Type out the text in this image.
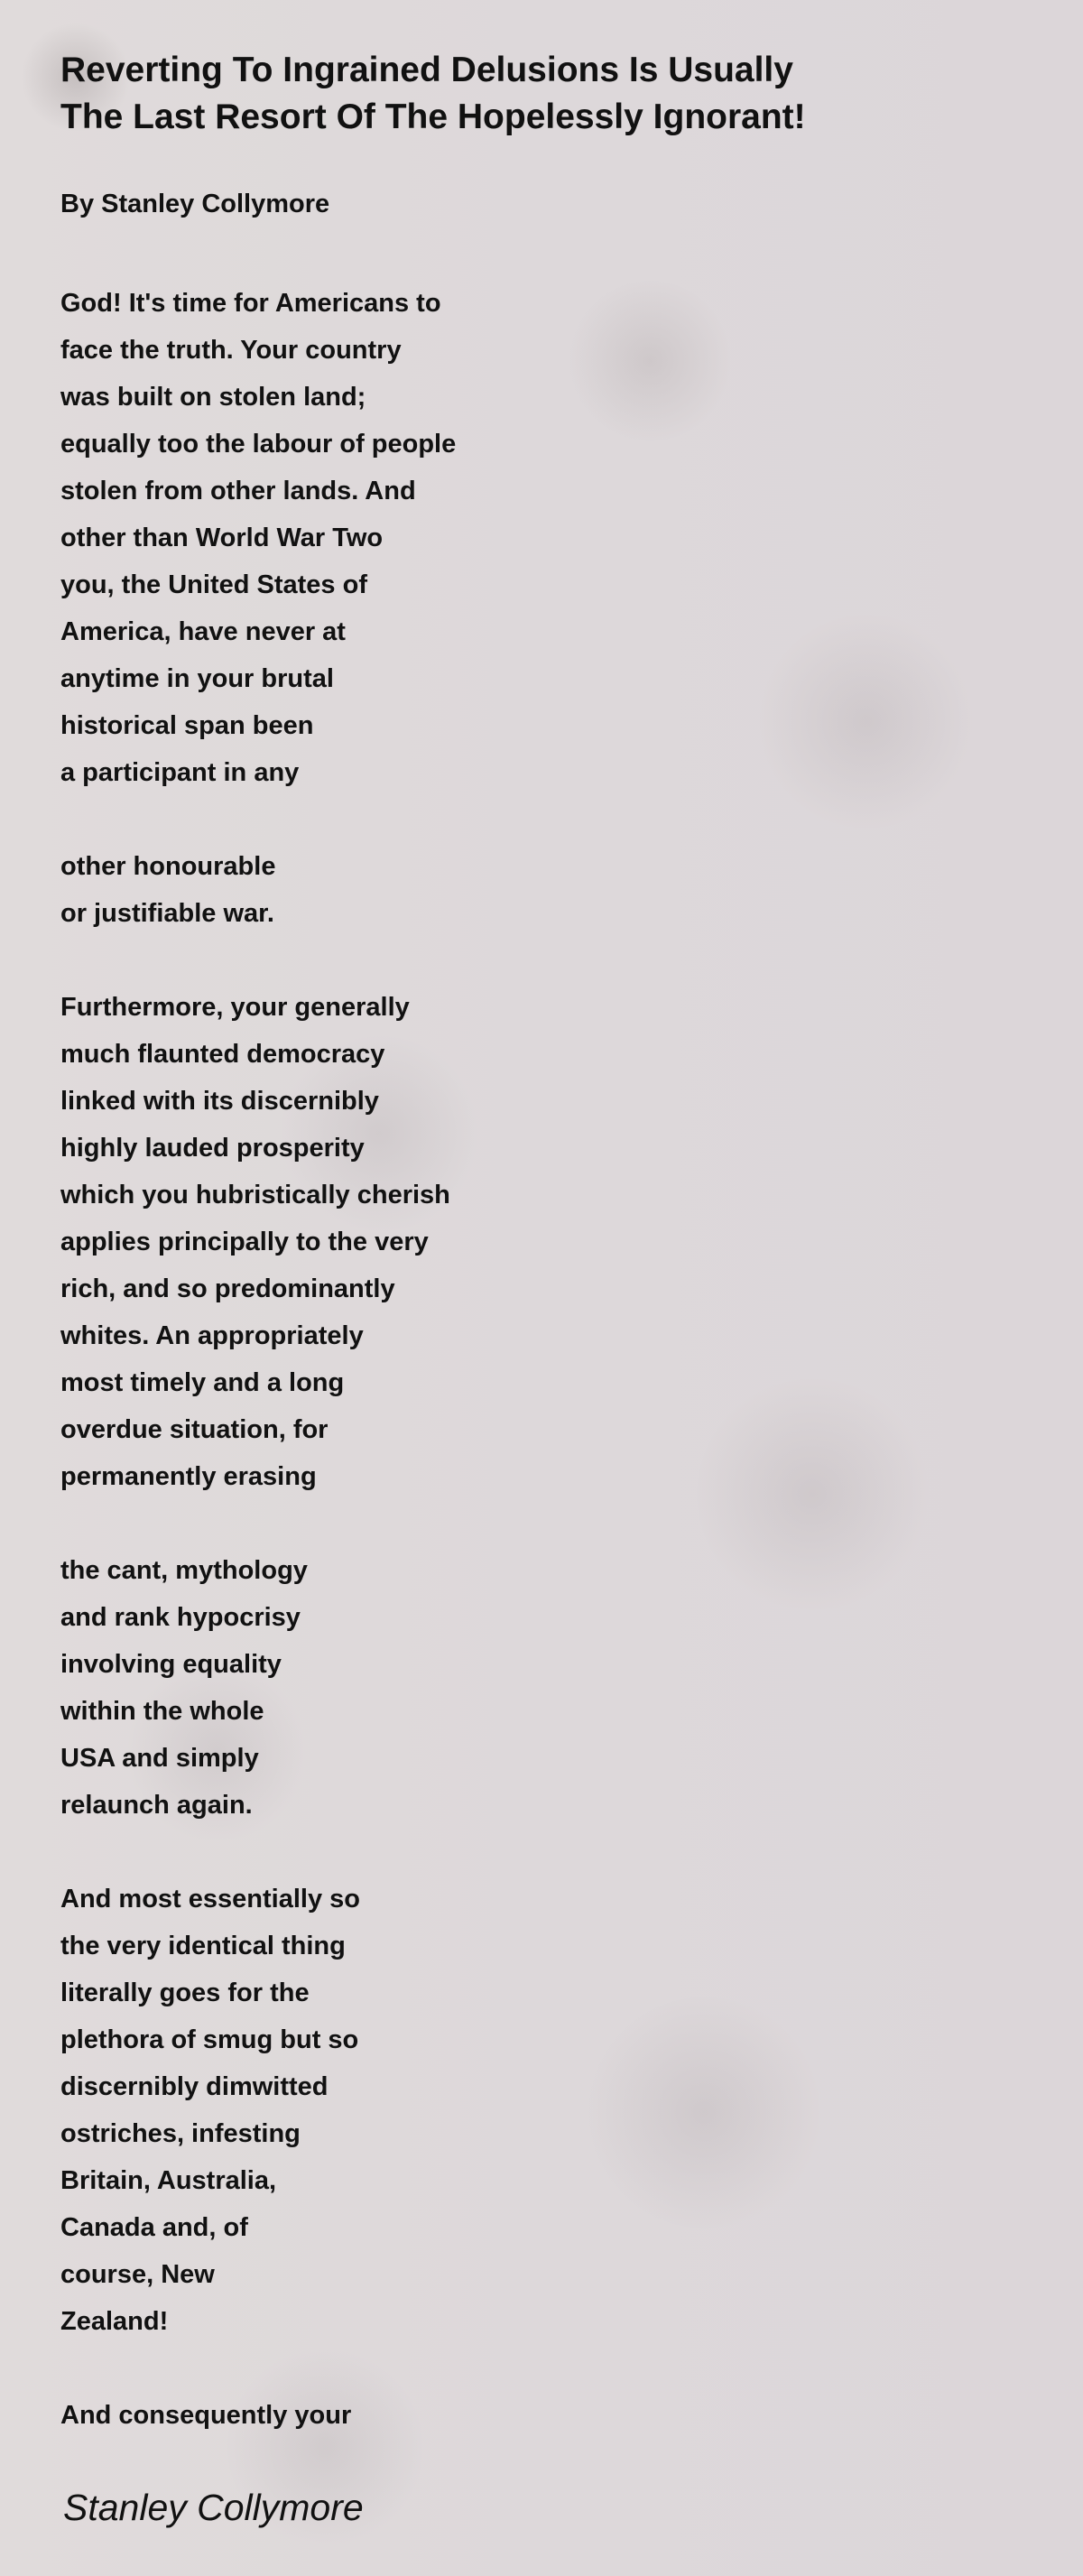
Reverting To Ingrained Delusions Is Usually
The Last Resort Of The Hopelessly Ignorant!

By Stanley Collymore

God! It's time for Americans to
face the truth. Your country
was built on stolen land;
equally too the labour of people
stolen from other lands. And
other than World War Two
you, the United States of
America, have never at
anytime in your brutal
historical span been
a participant in any
other honourable
or justifiable war.
Furthermore, your generally
much flaunted democracy
linked with its discernibly
highly lauded prosperity
which you hubristically cherish
applies principally to the very
rich, and so predominantly
whites. An appropriately
most timely and a long
overdue situation, for
permanently erasing
the cant, mythology
and rank hypocrisy
involving equality
within the whole
USA and simply
relaunch again.
And most essentially so
the very identical thing
literally goes for the
plethora of smug but so
discernibly dimwitted
ostriches, infesting
Britain, Australia,
Canada and, of
course, New
Zealand!
And consequently your

Stanley Collymore
